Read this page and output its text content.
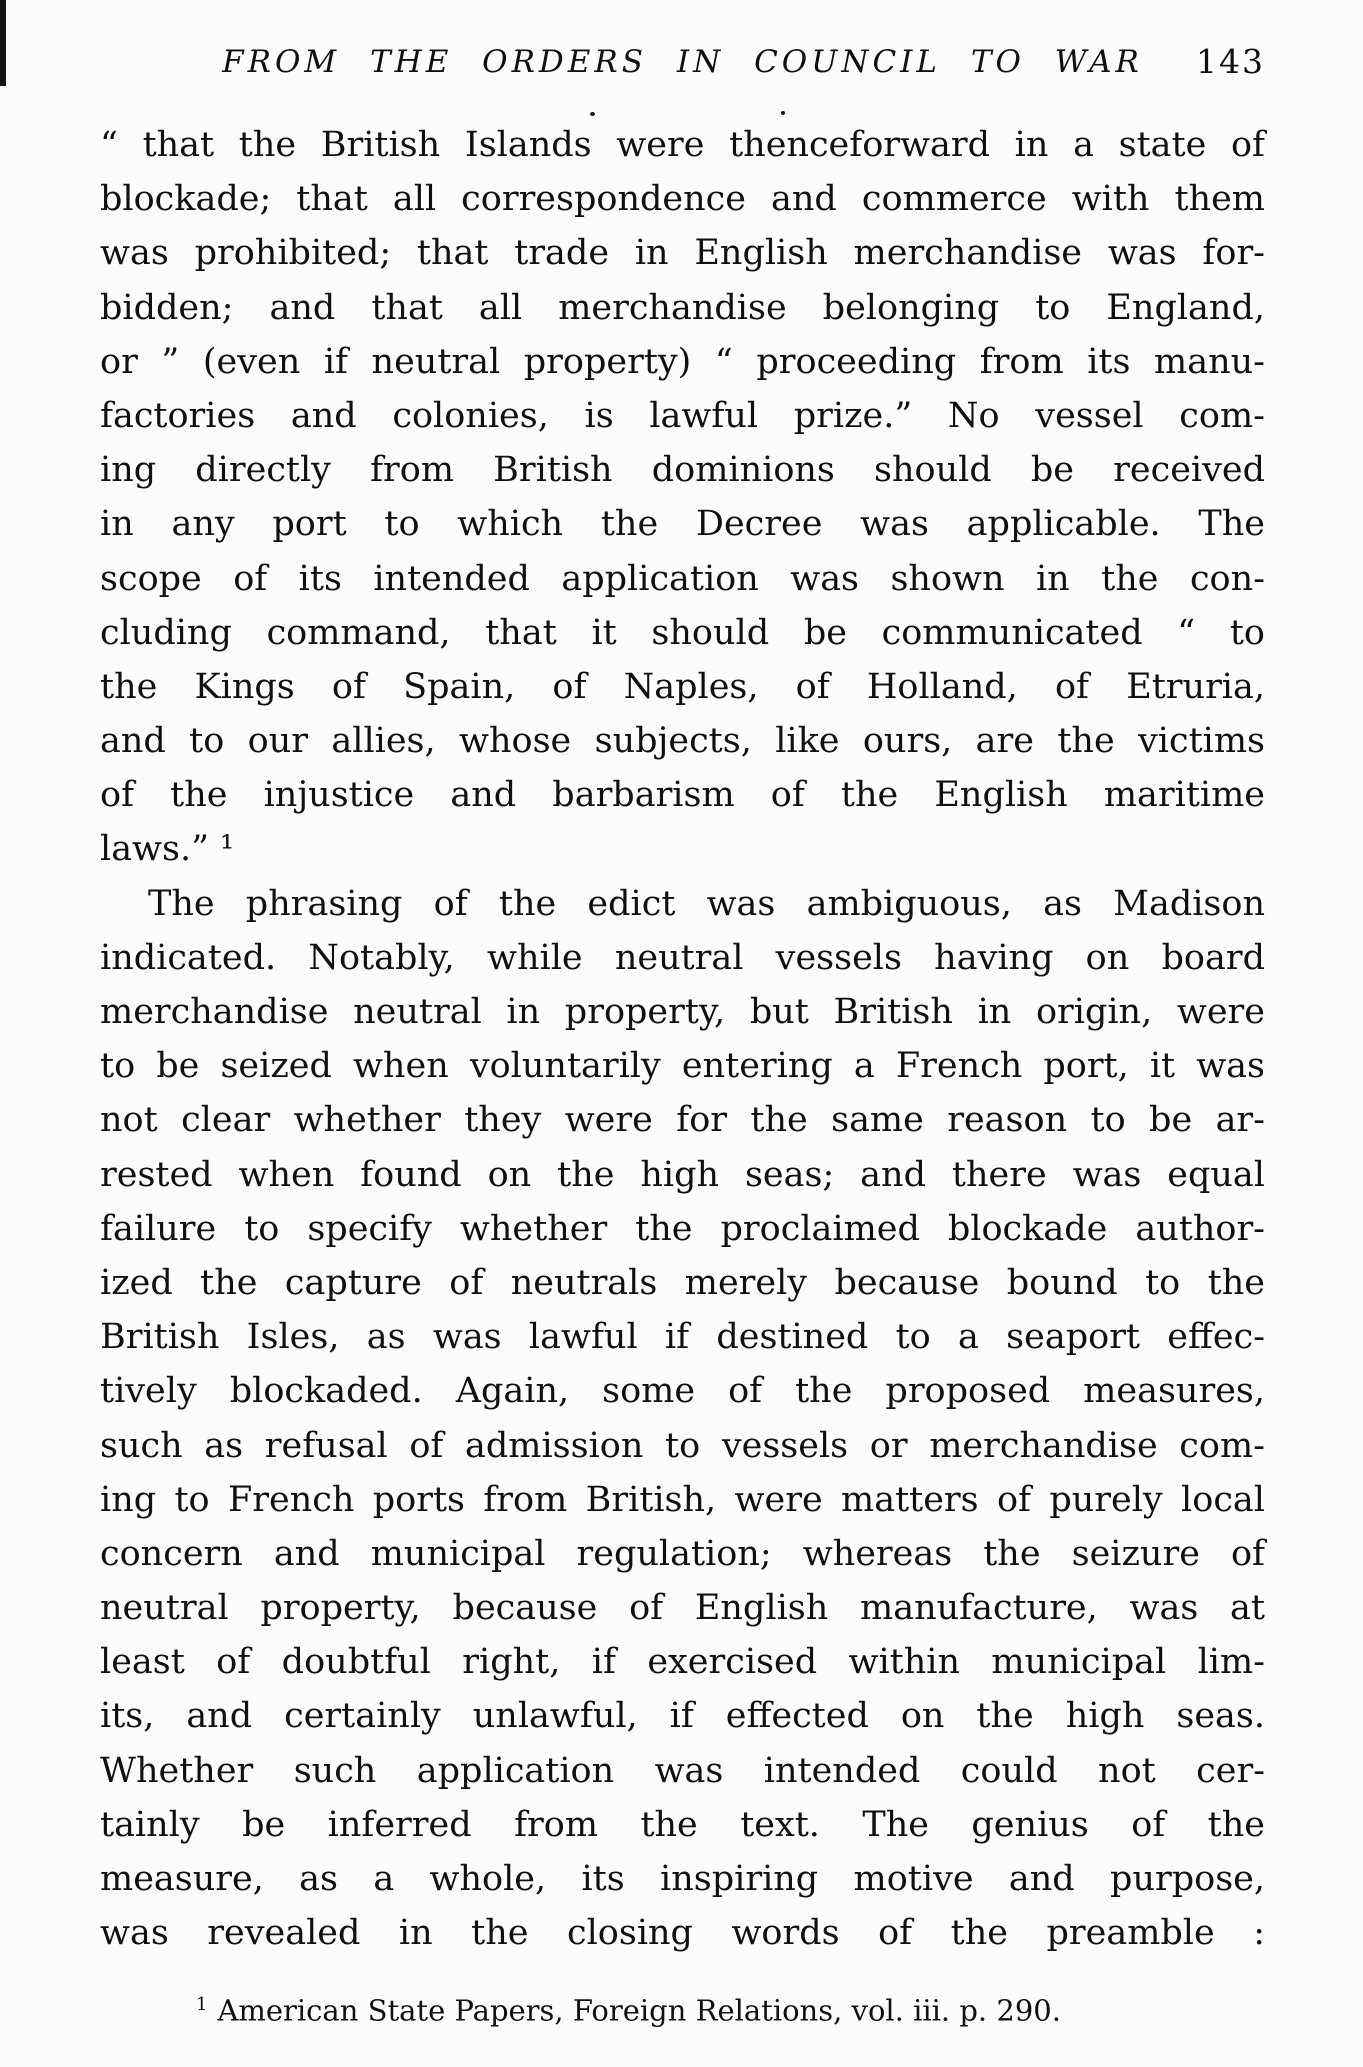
FROM THE ORDERS IN COUNCIL TO WAR	143
“ that the British Islands were thenceforward in a state of
blockade; that all correspondence and commerce with them
was prohibited; that trade in English merchandise was for-
bidden; and that all merchandise belonging to England,
or ” (even if neutral property) “ proceeding from its manu-
factories and colonies, is lawful prize.” No vessel com-
ing directly from British dominions should be received
in any port to which the Decree was applicable. The
scope of its intended application was shown in the con-
cluding command, that it should be communicated “ to
the Kings of Spain, of Naples, of Holland, of Etruria,
and to our allies, whose subjects, like ours, are the victims
of the injustice and barbarism of the English maritime
laws.” ¹
The phrasing of the edict was ambiguous, as Madison
indicated. Notably, while neutral vessels having on board
merchandise neutral in property, but British in origin, were
to be seized when voluntarily entering a French port, it was
not clear whether they were for the same reason to be ar-
rested when found on the high seas; and there was equal
failure to specify whether the proclaimed blockade author-
ized the capture of neutrals merely because bound to the
British Isles, as was lawful if destined to a seaport effec-
tively blockaded. Again, some of the proposed measures,
such as refusal of admission to vessels or merchandise com-
ing to French ports from British, were matters of purely local
concern and municipal regulation; whereas the seizure of
neutral property, because of English manufacture, was at
least of doubtful right, if exercised within municipal lim-
its, and certainly unlawful, if effected on the high seas.
Whether such application was intended could not cer-
tainly be inferred from the text. The genius of the
measure, as a whole, its inspiring motive and purpose,
was revealed in the closing words of the preamble :
$^1$ American State Papers, Foreign Relations, vol. iii. p. 290.
